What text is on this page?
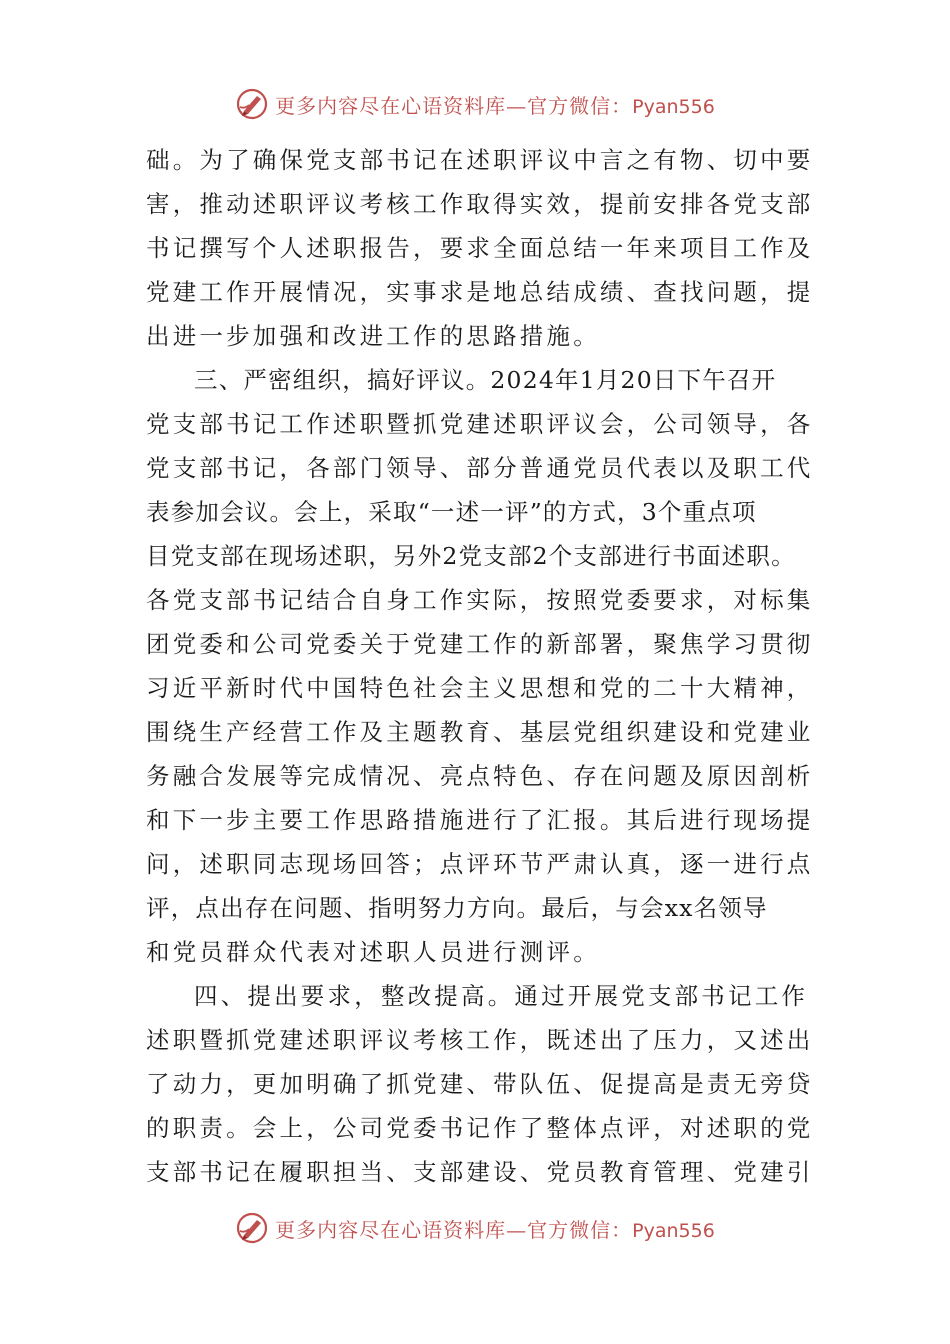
更多内容尽在心语资料库—官方微信：Pyan556
础。为了确保党支部书记在述职评议中言之有物、切中要
害，推动述职评议考核工作取得实效，提前安排各党支部
书记撰写个人述职报告，要求全面总结一年来项目工作及
党建工作开展情况，实事求是地总结成绩、查找问题，提
出进一步加强和改进工作的思路措施。
三、严密组织，搞好评议。2024年1月20日下午召开
党支部书记工作述职暨抓党建述职评议会，公司领导，各
党支部书记，各部门领导、部分普通党员代表以及职工代
表参加会议。会上，采取“一述一评”的方式，3个重点项
目党支部在现场述职，另外2党支部2个支部进行书面述职。
各党支部书记结合自身工作实际，按照党委要求，对标集
团党委和公司党委关于党建工作的新部署，聚焦学习贯彻
习近平新时代中国特色社会主义思想和党的二十大精神，
围绕生产经营工作及主题教育、基层党组织建设和党建业
务融合发展等完成情况、亮点特色、存在问题及原因剖析
和下一步主要工作思路措施进行了汇报。其后进行现场提
问，述职同志现场回答；点评环节严肃认真，逐一进行点
评，点出存在问题、指明努力方向。最后，与会xx名领导
和党员群众代表对述职人员进行测评。
四、提出要求，整改提高。通过开展党支部书记工作
述职暨抓党建述职评议考核工作，既述出了压力，又述出
了动力，更加明确了抓党建、带队伍、促提高是责无旁贷
的职责。会上，公司党委书记作了整体点评，对述职的党
支部书记在履职担当、支部建设、党员教育管理、党建引
更多内容尽在心语资料库—官方微信：Pyan556
